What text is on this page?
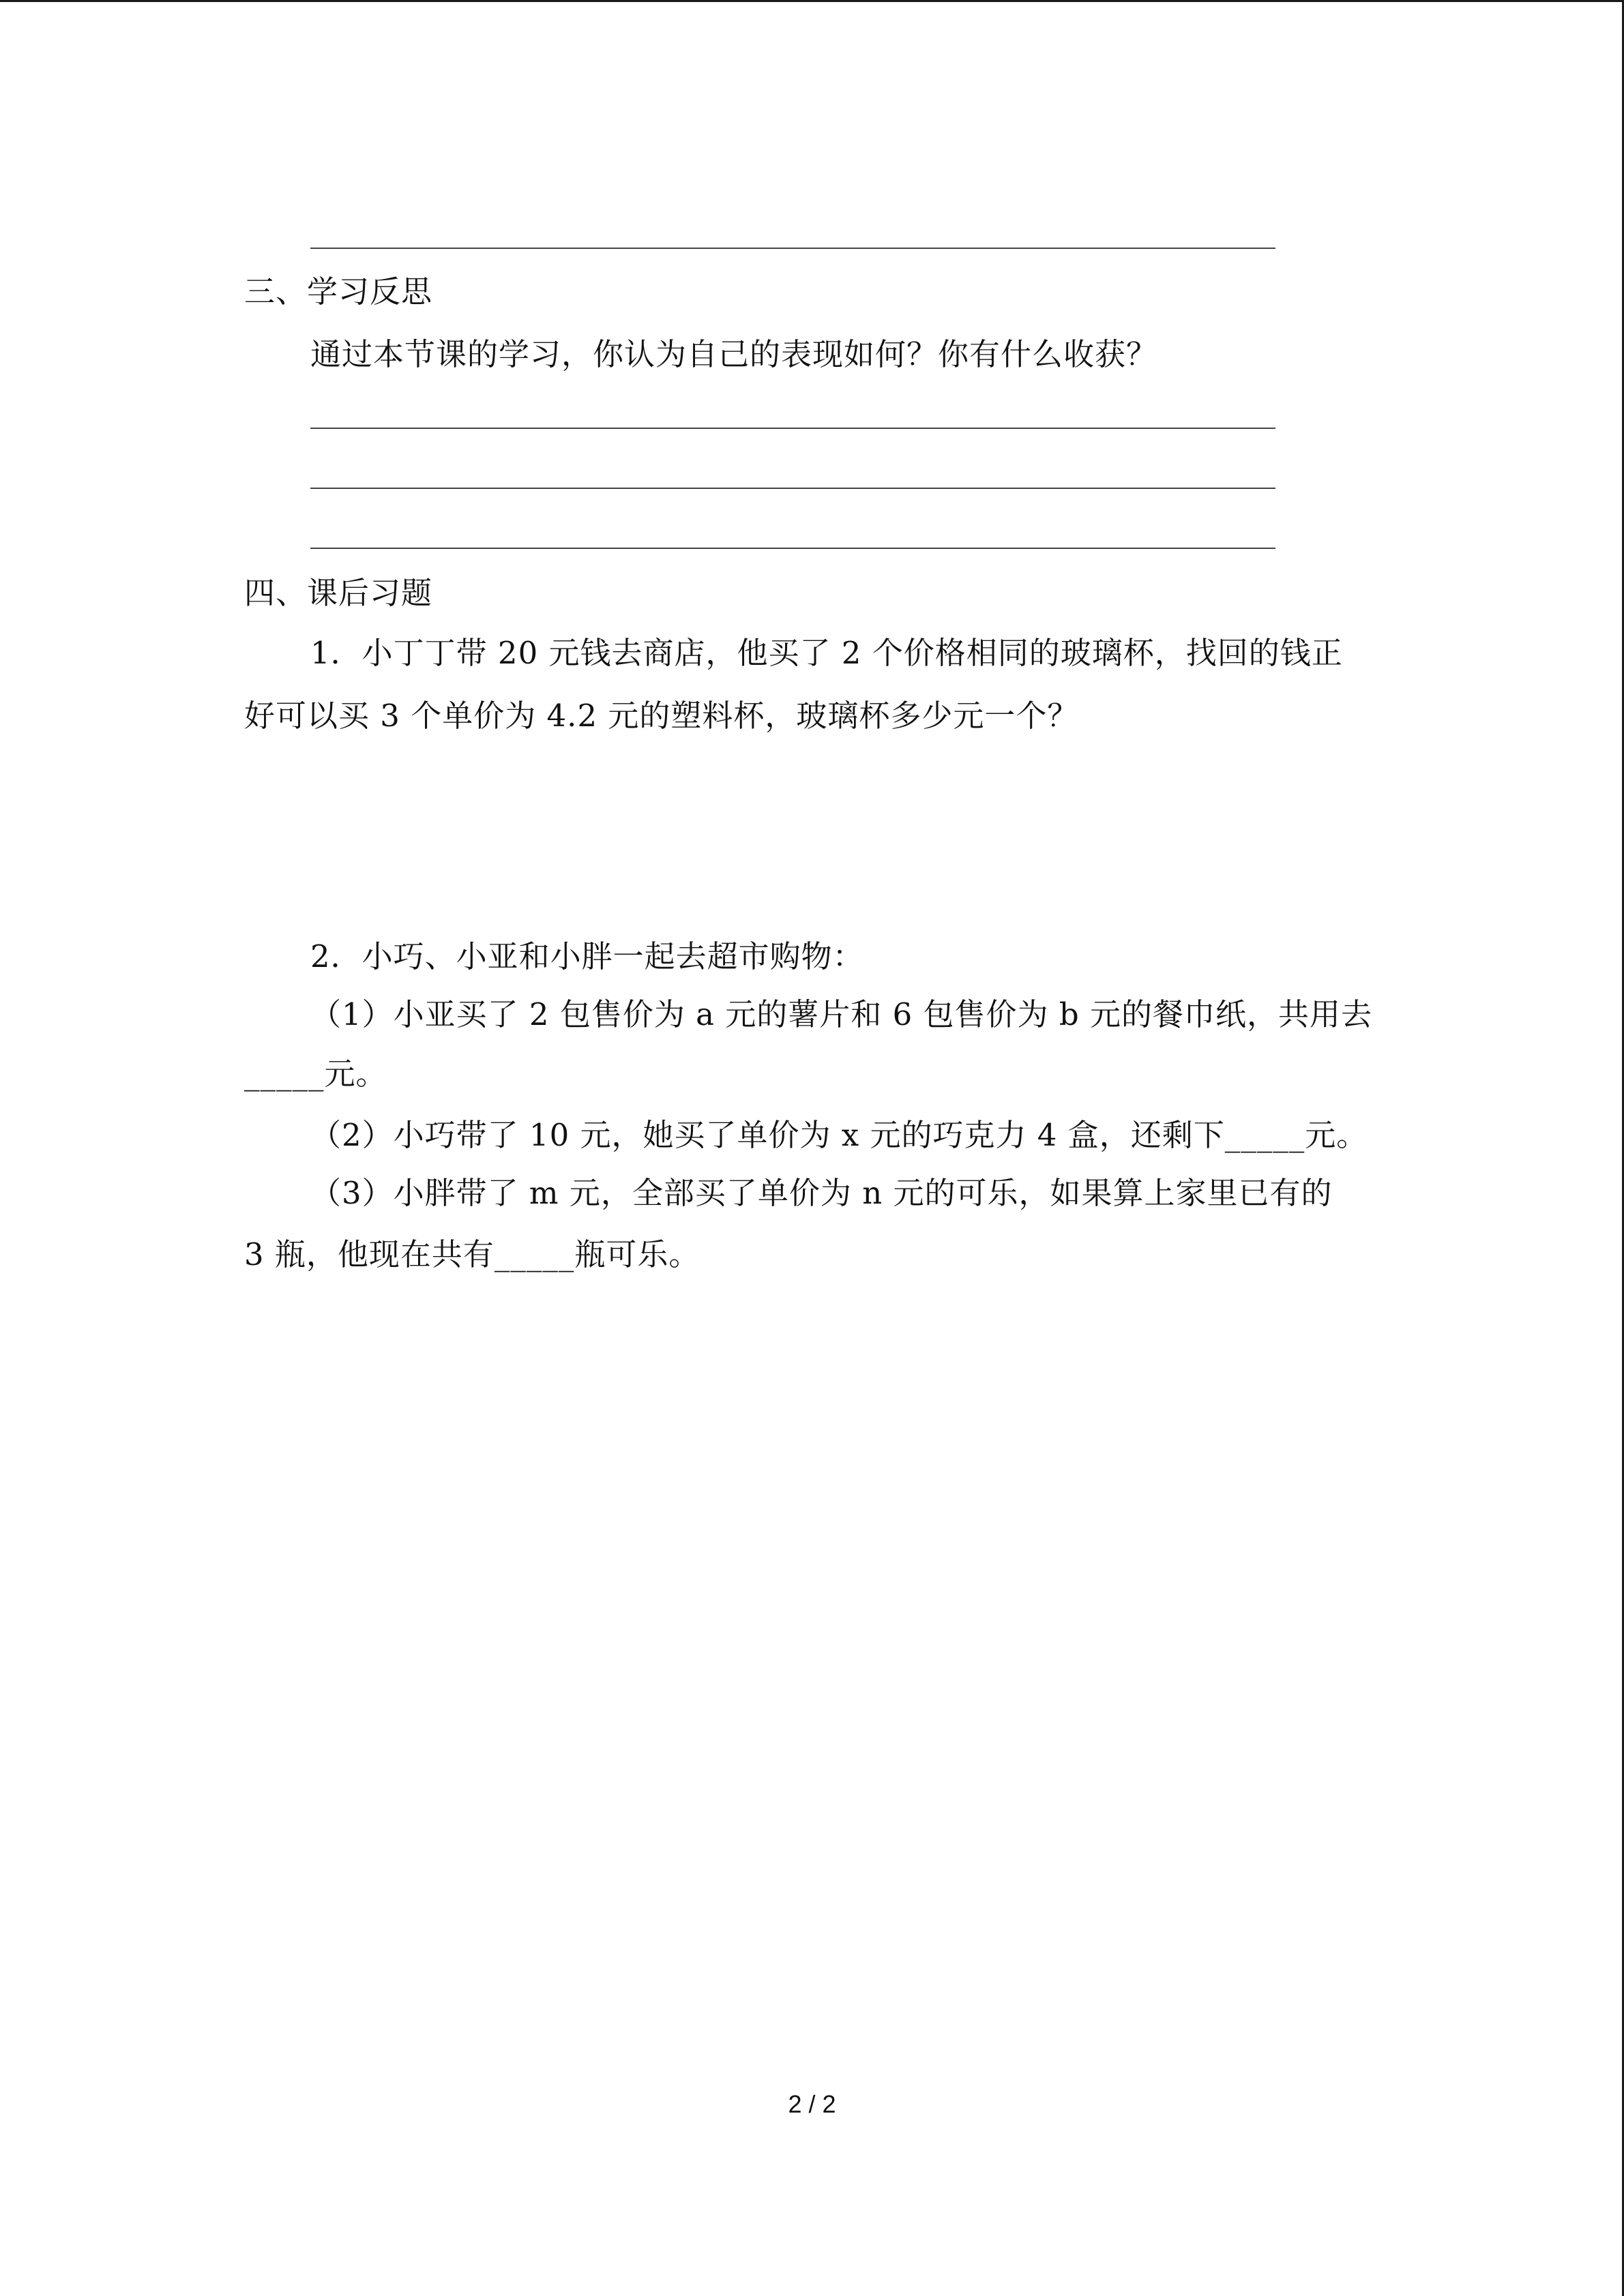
三、学习反思
通过本节课的学习，你认为自己的表现如何？你有什么收获？
四、课后习题
1．小丁丁带 20 元钱去商店，他买了 2 个价格相同的玻璃杯，找回的钱正
好可以买 3 个单价为 4.2 元的塑料杯，玻璃杯多少元一个？
2．小巧、小亚和小胖一起去超市购物：
（1）小亚买了 2 包售价为 a 元的薯片和 6 包售价为 b 元的餐巾纸，共用去
_____元。
（2）小巧带了 10 元，她买了单价为 x 元的巧克力 4 盒，还剩下_____元。
（3）小胖带了 m 元，全部买了单价为 n 元的可乐，如果算上家里已有的
3 瓶，他现在共有_____瓶可乐。
2 / 2
